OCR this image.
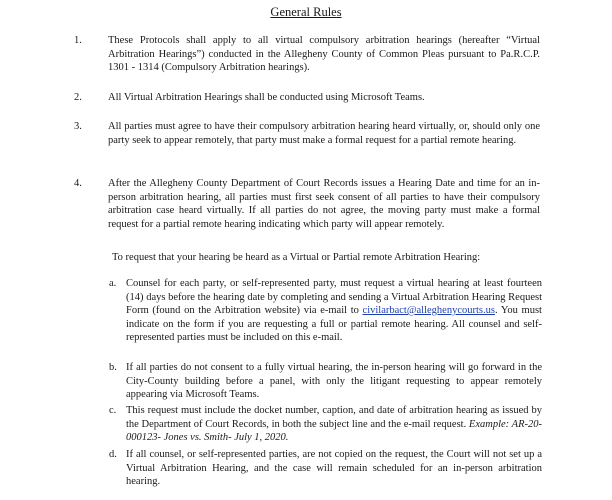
General Rules
1. These Protocols shall apply to all virtual compulsory arbitration hearings (hereafter “Virtual Arbitration Hearings”) conducted in the Allegheny County of Common Pleas pursuant to Pa.R.C.P. 1301 - 1314 (Compulsory Arbitration hearings).
2. All Virtual Arbitration Hearings shall be conducted using Microsoft Teams.
3. All parties must agree to have their compulsory arbitration hearing heard virtually, or, should only one party seek to appear remotely, that party must make a formal request for a partial remote hearing.
4. After the Allegheny County Department of Court Records issues a Hearing Date and time for an in-person arbitration hearing, all parties must first seek consent of all parties to have their compulsory arbitration case heard virtually. If all parties do not agree, the moving party must make a formal request for a partial remote hearing indicating which party will appear remotely.
To request that your hearing be heard as a Virtual or Partial remote Arbitration Hearing:
a. Counsel for each party, or self-represented party, must request a virtual hearing at least fourteen (14) days before the hearing date by completing and sending a Virtual Arbitration Hearing Request Form (found on the Arbitration website) via e-mail to civilarbact@alleghenycourts.us. You must indicate on the form if you are requesting a full or partial remote hearing. All counsel and self-represented parties must be included on this e-mail.
b. If all parties do not consent to a fully virtual hearing, the in-person hearing will go forward in the City-County building before a panel, with only the litigant requesting to appear remotely appearing via Microsoft Teams.
c. This request must include the docket number, caption, and date of arbitration hearing as issued by the Department of Court Records, in both the subject line and the e-mail request. Example: AR-20-000123- Jones vs. Smith- July 1, 2020.
d. If all counsel, or self-represented parties, are not copied on the request, the Court will not set up a Virtual Arbitration Hearing, and the case will remain scheduled for an in-person arbitration hearing.
